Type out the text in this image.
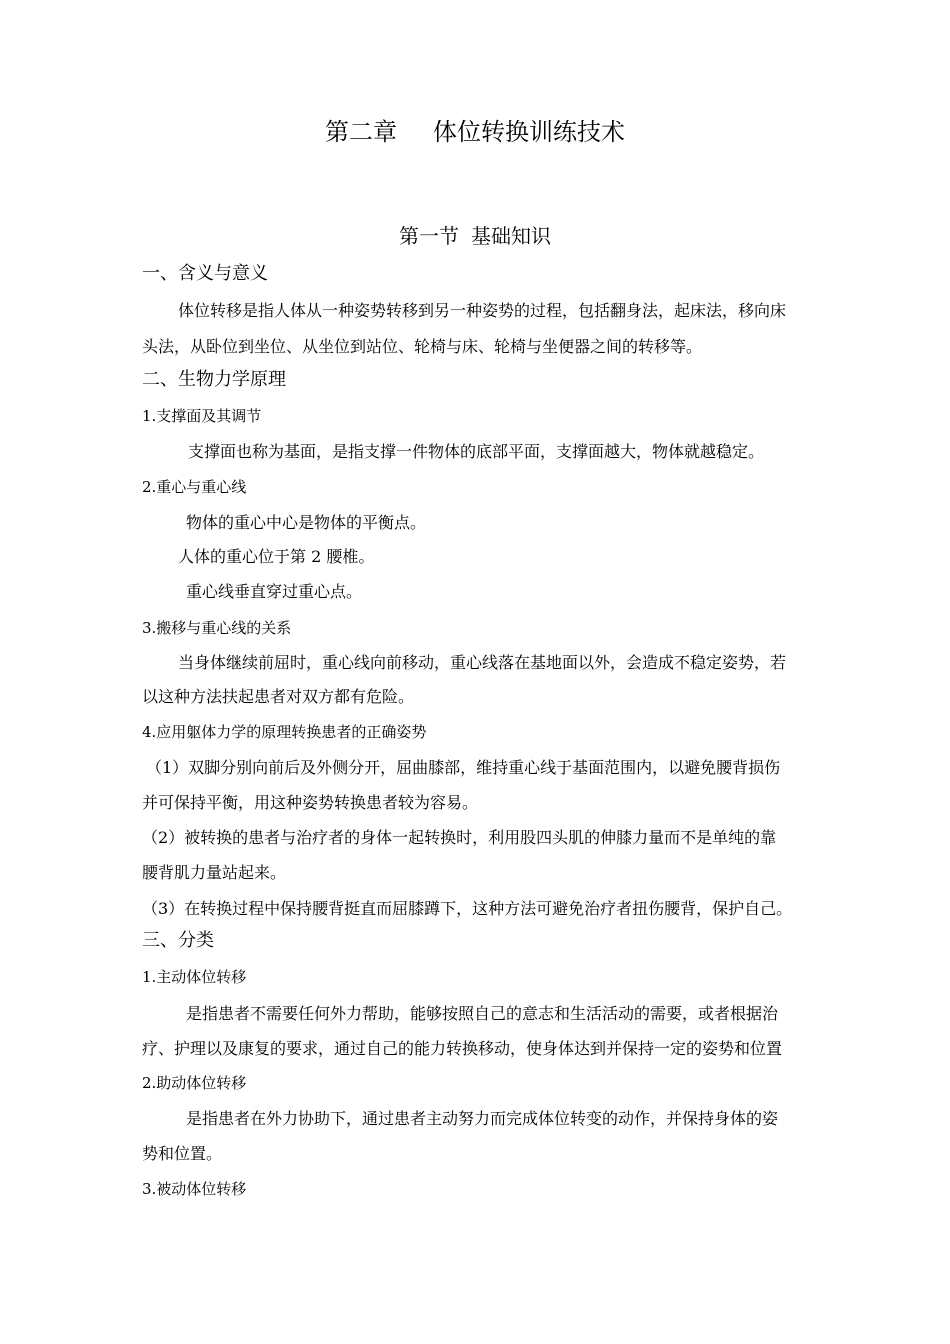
第二章 体位转换训练技术
第一节 基础知识
一、含义与意义
体位转移是指人体从一种姿势转移到另一种姿势的过程，包括翻身法，起床法，移向床
头法，从卧位到坐位、从坐位到站位、轮椅与床、轮椅与坐便器之间的转移等。
二、生物力学原理
1.支撑面及其调节
支撑面也称为基面，是指支撑一件物体的底部平面，支撑面越大，物体就越稳定。
2.重心与重心线
物体的重心中心是物体的平衡点。
人体的重心位于第 2 腰椎。
重心线垂直穿过重心点。
3.搬移与重心线的关系
当身体继续前屈时，重心线向前移动，重心线落在基地面以外，会造成不稳定姿势，若
以这种方法扶起患者对双方都有危险。
4.应用躯体力学的原理转换患者的正确姿势
（1）双脚分别向前后及外侧分开，屈曲膝部，维持重心线于基面范围内，以避免腰背损伤
并可保持平衡，用这种姿势转换患者较为容易。
（2）被转换的患者与治疗者的身体一起转换时，利用股四头肌的伸膝力量而不是单纯的靠
腰背肌力量站起来。
（3）在转换过程中保持腰背挺直而屈膝蹲下，这种方法可避免治疗者扭伤腰背，保护自己。
三、分类
1.主动体位转移
是指患者不需要任何外力帮助，能够按照自己的意志和生活活动的需要，或者根据治
疗、护理以及康复的要求，通过自己的能力转换移动，使身体达到并保持一定的姿势和位置
2.助动体位转移
是指患者在外力协助下，通过患者主动努力而完成体位转变的动作，并保持身体的姿
势和位置。
3.被动体位转移
